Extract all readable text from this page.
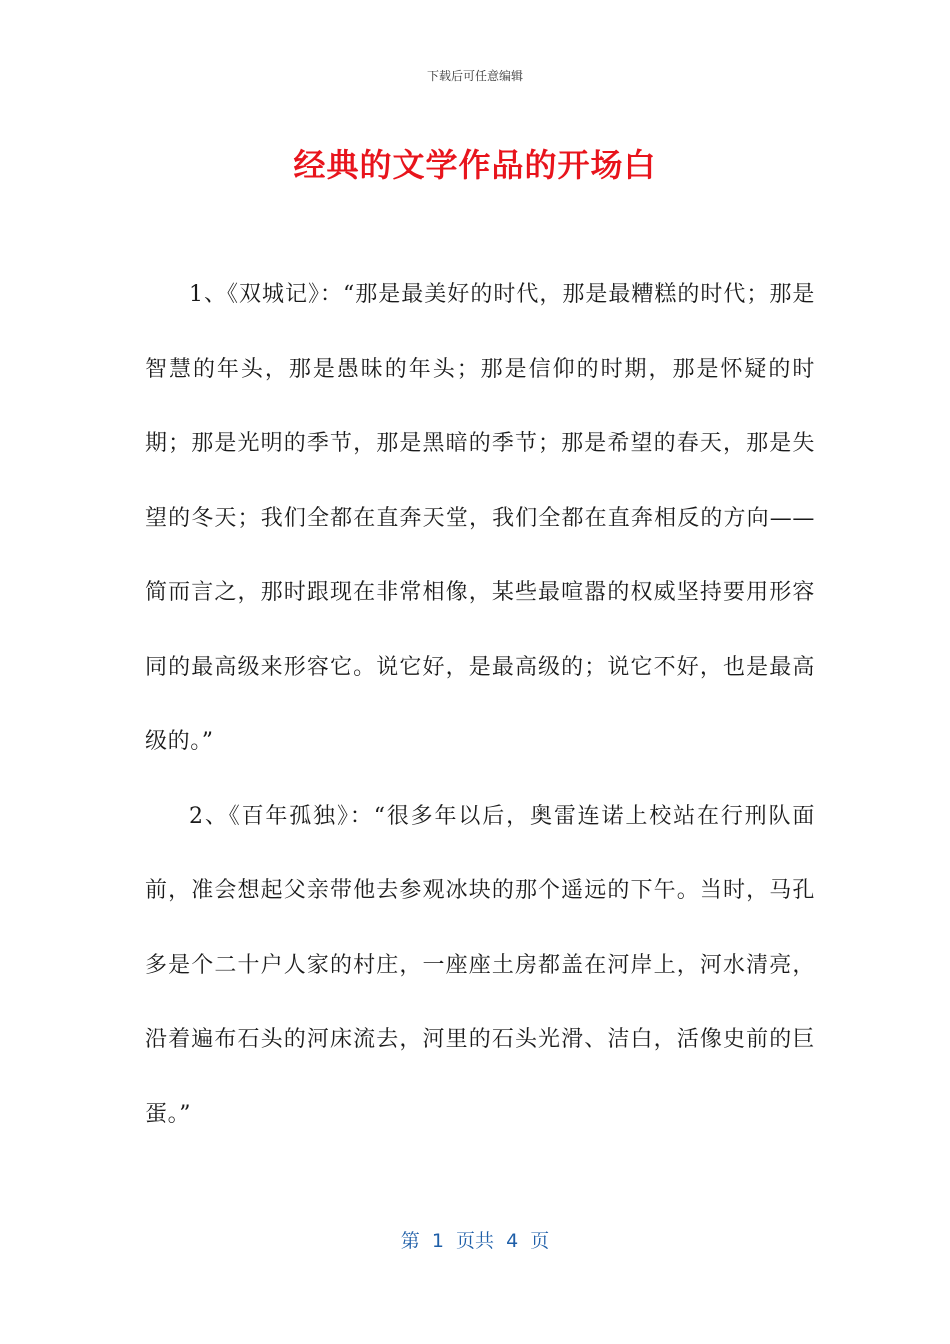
下载后可任意编辑
经典的文学作品的开场白

1、《双城记》：“那是最美好的时代，那是最糟糕的时代；那是智慧的年头，那是愚昧的年头；那是信仰的时期，那是怀疑的时期；那是光明的季节，那是黑暗的季节；那是希望的春天，那是失望的冬天；我们全都在直奔天堂，我们全都在直奔相反的方向——简而言之，那时跟现在非常相像，某些最喧嚣的权威坚持要用形容同的最高级来形容它。说它好，是最高级的；说它不好，也是最高级的。”

2、《百年孤独》：“很多年以后，奥雷连诺上校站在行刑队面前，准会想起父亲带他去参观冰块的那个遥远的下午。当时，马孔多是个二十户人家的村庄，一座座土房都盖在河岸上，河水清亮，沿着遍布石头的河床流去，河里的石头光滑、洁白，活像史前的巨蛋。”

第  1  页共  4  页
